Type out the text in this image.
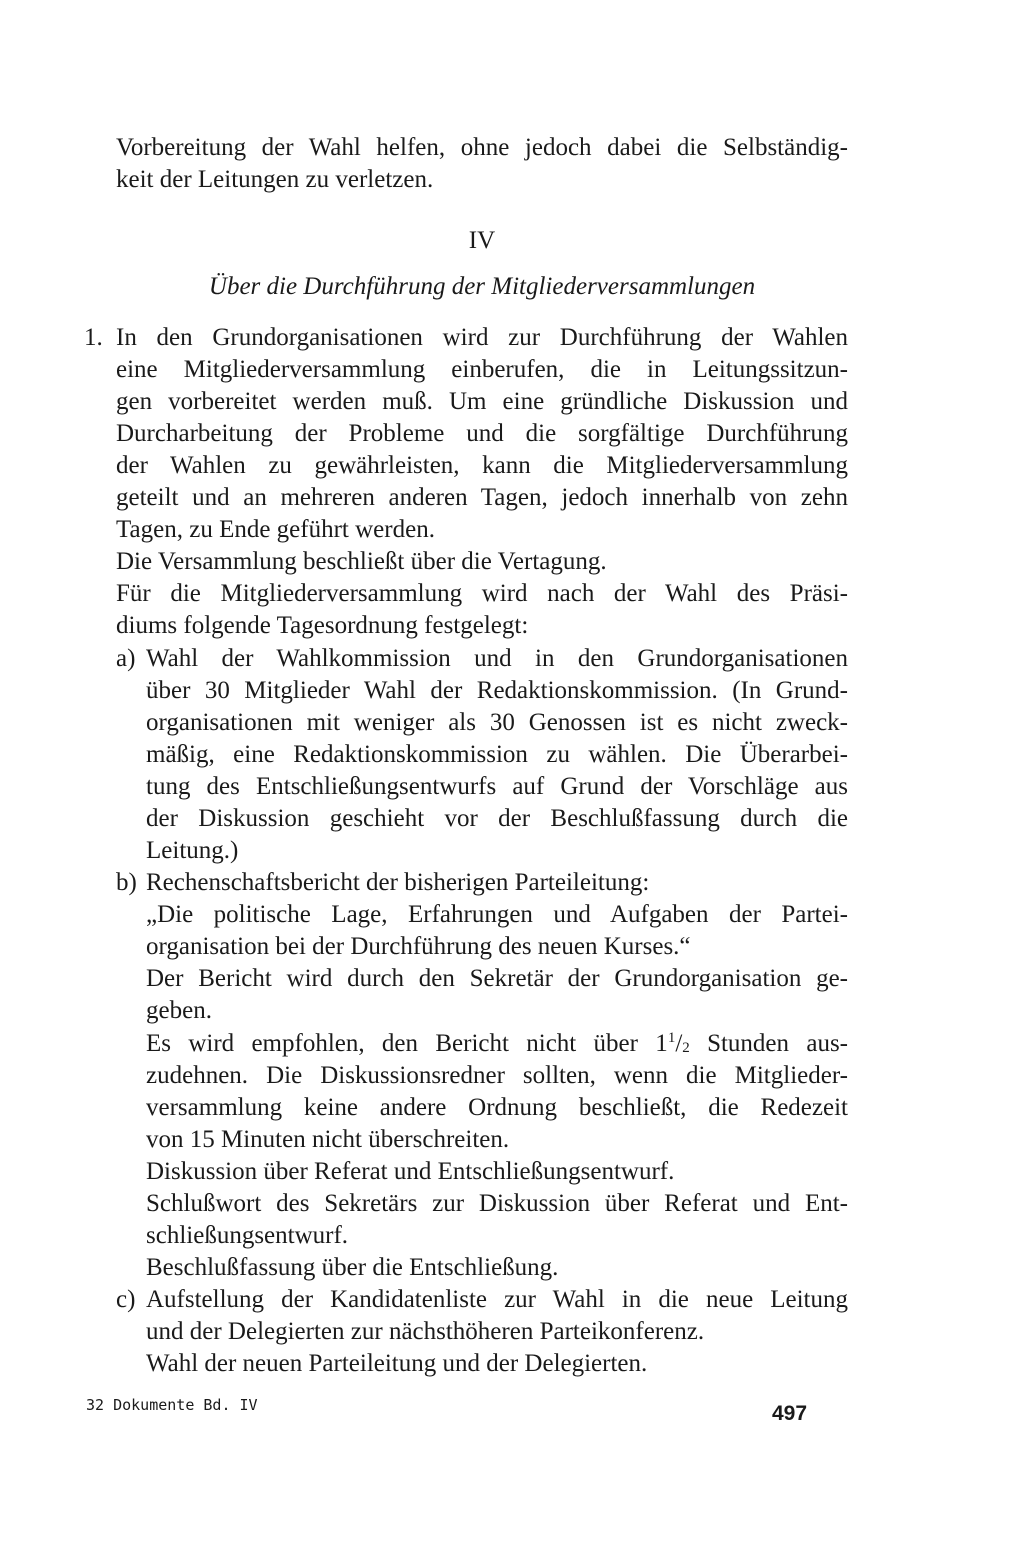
Vorbereitung der Wahl helfen, ohne jedoch dabei die Selbständig-
keit der Leitungen zu verletzen.
IV
Über die Durchführung der Mitgliederversammlungen
1. In den Grundorganisationen wird zur Durchführung der Wahlen
eine Mitgliederversammlung einberufen, die in Leitungssitzun-
gen vorbereitet werden muß. Um eine gründliche Diskussion und
Durcharbeitung der Probleme und die sorgfältige Durchführung
der Wahlen zu gewährleisten, kann die Mitgliederversammlung
geteilt und an mehreren anderen Tagen, jedoch innerhalb von zehn
Tagen, zu Ende geführt werden.
Die Versammlung beschließt über die Vertagung.
Für die Mitgliederversammlung wird nach der Wahl des Präsi-
diums folgende Tagesordnung festgelegt:
a) Wahl der Wahlkommission und in den Grundorganisationen
über 30 Mitglieder Wahl der Redaktionskommission. (In Grund-
organisationen mit weniger als 30 Genossen ist es nicht zweck-
mäßig, eine Redaktionskommission zu wählen. Die Überarbei-
tung des Entschließungsentwurfs auf Grund der Vorschläge aus
der Diskussion geschieht vor der Beschlußfassung durch die
Leitung.)
b) Rechenschaftsbericht der bisherigen Parteileitung:
„Die politische Lage, Erfahrungen und Aufgaben der Partei-
organisation bei der Durchführung des neuen Kurses.“
Der Bericht wird durch den Sekretär der Grundorganisation ge-
geben.
Es wird empfohlen, den Bericht nicht über $1^1/_2$ Stunden aus-
zudehnen. Die Diskussionsredner sollten, wenn die Mitglieder-
versammlung keine andere Ordnung beschließt, die Redezeit
von 15 Minuten nicht überschreiten.
Diskussion über Referat und Entschließungsentwurf.
Schlußwort des Sekretärs zur Diskussion über Referat und Ent-
schließungsentwurf.
Beschlußfassung über die Entschließung.
c) Aufstellung der Kandidatenliste zur Wahl in die neue Leitung
und der Delegierten zur nächsthöheren Parteikonferenz.
Wahl der neuen Parteileitung und der Delegierten.
32 Dokumente Bd. IV	497
